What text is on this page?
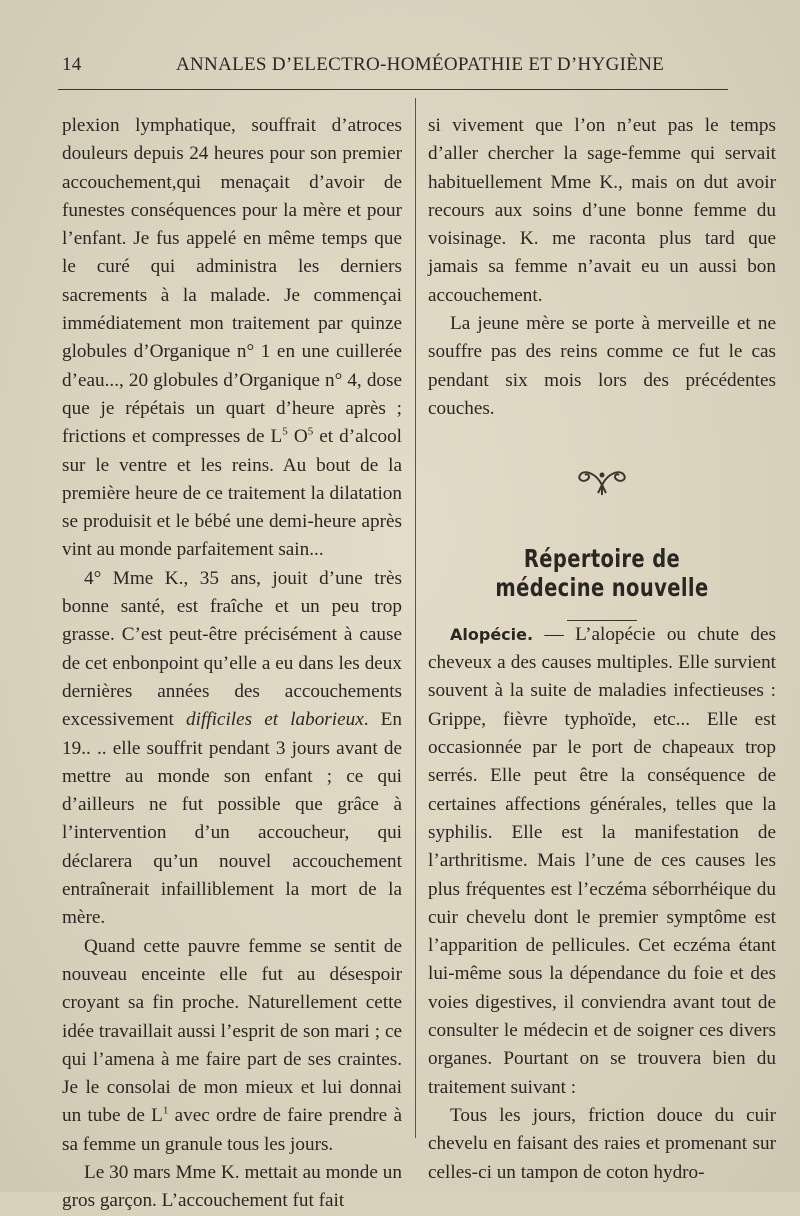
14	ANNALES D’ELECTRO-HOMÉOPATHIE ET D’HYGIÈNE

plexion lymphatique, souffrait d’atroces douleurs depuis 24 heures pour son premier accouchement,qui menaçait d’avoir de funestes conséquences pour la mère et pour l’enfant. Je fus appelé en même temps que le curé qui administra les derniers sacrements à la malade. Je commençai immédiatement mon traitement par quinze globules d’Organique n° 1 en une cuillerée d’eau..., 20 globules d’Organique n° 4, dose que je répétais un quart d’heure après ; frictions et compresses de $L^5$ $O^5$ et d’alcool sur le ventre et les reins. Au bout de la première heure de ce traitement la dilatation se produisit et le bébé une demi-heure après vint au monde parfaitement sain...

4° Mme K., 35 ans, jouit d’une très bonne santé, est fraîche et un peu trop grasse. C’est peut-être précisément à cause de cet enbonpoint qu’elle a eu dans les deux dernières années des accouchements excessivement difficiles et laborieux. En 19.. .. elle souffrit pendant 3 jours avant de mettre au monde son enfant ; ce qui d’ailleurs ne fut possible que grâce à l’intervention d’un accoucheur, qui déclarera qu’un nouvel accouchement entraînerait infailliblement la mort de la mère.

Quand cette pauvre femme se sentit de nouveau enceinte elle fut au désespoir croyant sa fin proche. Naturellement cette idée travaillait aussi l’esprit de son mari ; ce qui l’amena à me faire part de ses craintes. Je le consolai de mon mieux et lui donnai un tube de $L^1$ avec ordre de faire prendre à sa femme un granule tous les jours.

Le 30 mars Mme K. mettait au monde un gros garçon. L’accouchement fut fait

si vivement que l’on n’eut pas le temps d’aller chercher la sage-femme qui servait habituellement Mme K., mais on dut avoir recours aux soins d’une bonne femme du voisinage. K. me raconta plus tard que jamais sa femme n’avait eu un aussi bon accouchement.

La jeune mère se porte à merveille et ne souffre pas des reins comme ce fut le cas pendant six mois lors des précédentes couches.

Répertoire de médecine nouvelle

Alopécie. — L’alopécie ou chute des cheveux a des causes multiples. Elle survient souvent à la suite de maladies infectieuses : Grippe, fièvre typhoïde, etc... Elle est occasionnée par le port de chapeaux trop serrés. Elle peut être la conséquence de certaines affections générales, telles que la syphilis. Elle est la manifestation de l’arthritisme. Mais l’une de ces causes les plus fréquentes est l’eczéma séborrhéique du cuir chevelu dont le premier symptôme est l’apparition de pellicules. Cet eczéma étant lui-même sous la dépendance du foie et des voies digestives, il conviendra avant tout de consulter le médecin et de soigner ces divers organes. Pourtant on se trouvera bien du traitement suivant :

Tous les jours, friction douce du cuir chevelu en faisant des raies et promenant sur celles-ci un tampon de coton hydro-
